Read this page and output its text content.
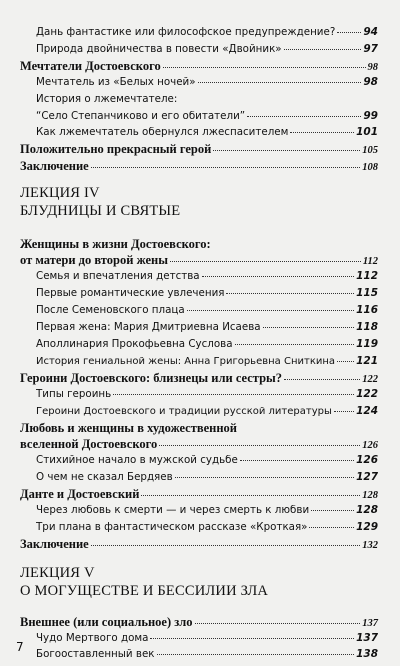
Дань фантастике или философское предупреждение?	94
Природа двойничества в повести «Двойник»	97
Мечтатели Достоевского	98
Мечтатель из «Белых ночей»	98
История о лжемечтателе:
“Село Степанчиково и его обитатели”	99
Как лжемечтатель обернулся лжеспасителем	101
Положительно прекрасный герой	105
Заключение	108
ЛЕКЦИЯ IV
БЛУДНИЦЫ И СВЯТЫЕ
Женщины в жизни Достоевского:
от матери до второй жены	112
Семья и впечатления детства	112
Первые романтические увлечения	115
После Семеновского плаца	116
Первая жена: Мария Дмитриевна Исаева	118
Аполлинария Прокофьевна Суслова	119
История гениальной жены: Анна Григорьевна Сниткина 121
Героини Достоевского: близнецы или сестры?	122
Типы героинь	122
Героини Достоевского и традиции русской литературы 124
Любовь и женщины в художественной
вселенной Достоевского	126
Стихийное начало в мужской судьбе	126
О чем не сказал Бердяев	127
Данте и Достоевский	128
Через любовь к смерти — и через смерть к любви	128
Три плана в фантастическом рассказе «Кроткая»	129
Заключение	132
ЛЕКЦИЯ V
О МОГУЩЕСТВЕ И БЕССИЛИИ ЗЛА
Внешнее (или социальное) зло	137
Чудо Мертвого дома	137
Богооставленный век	138
7
